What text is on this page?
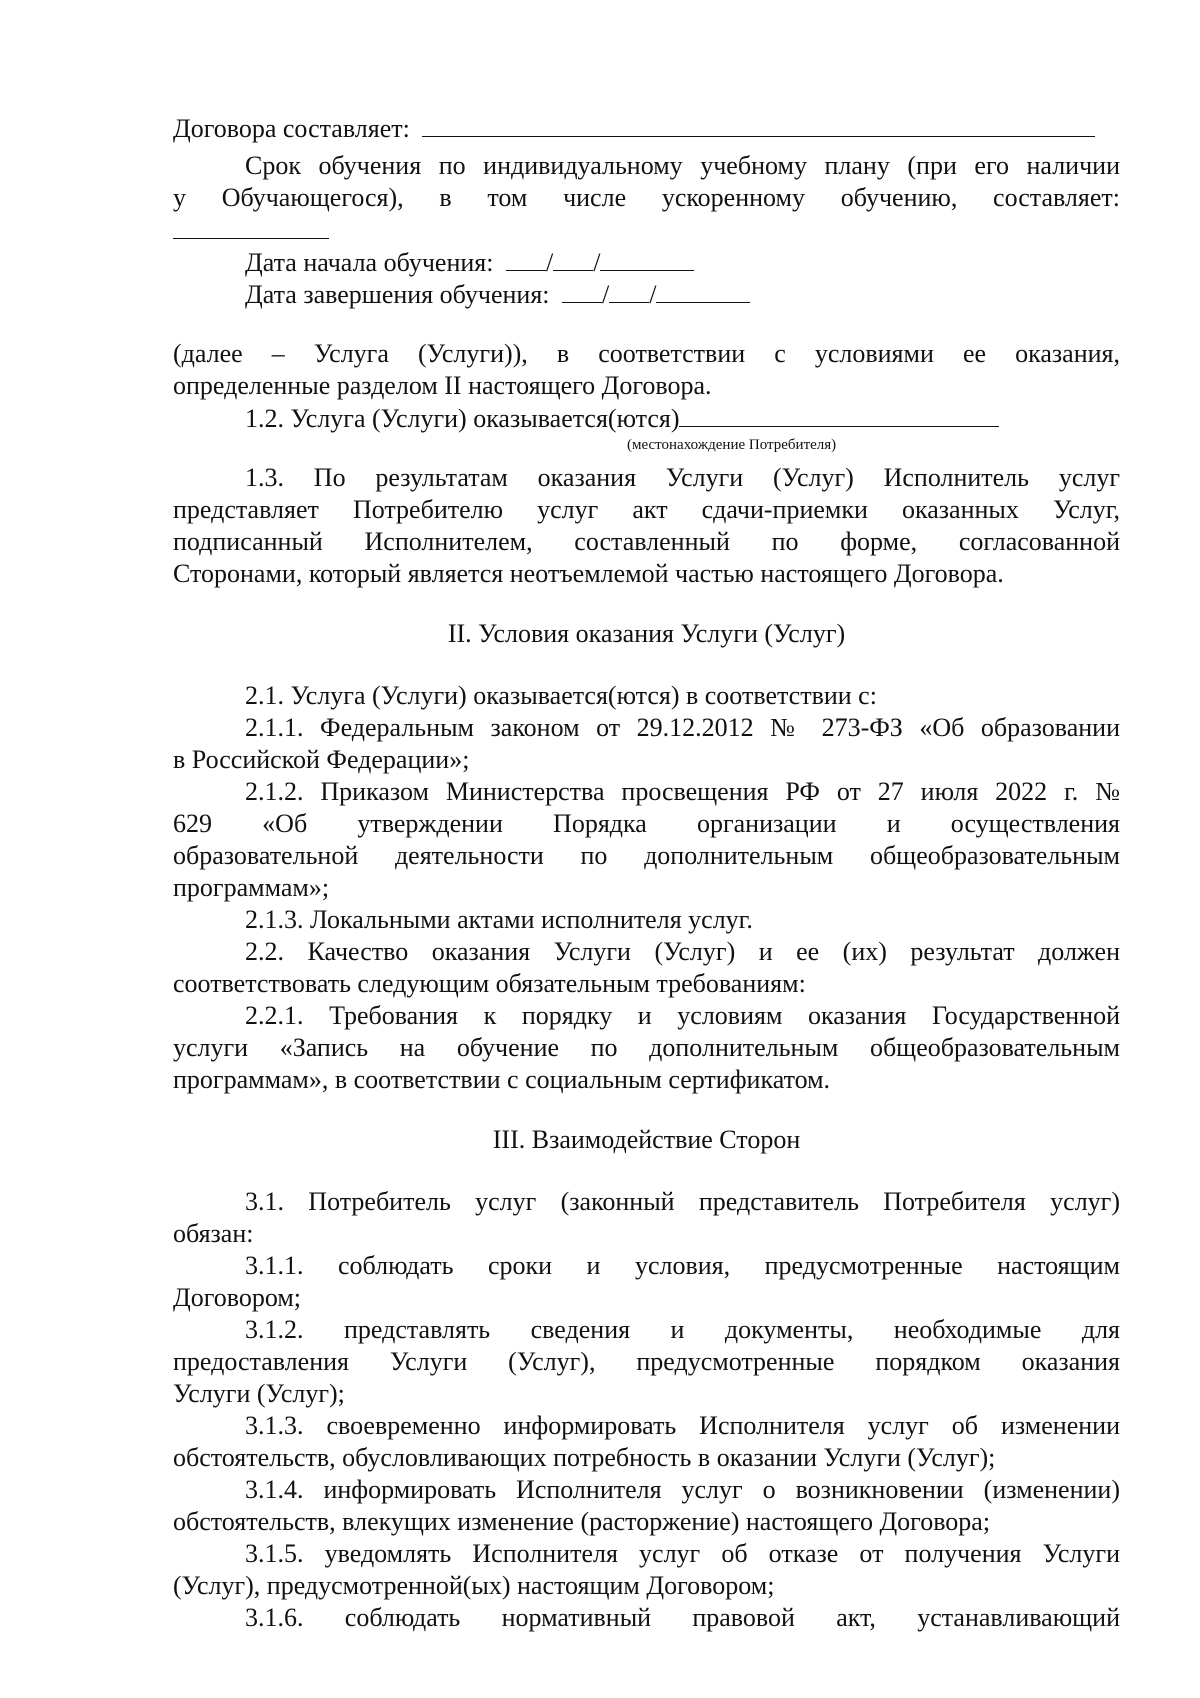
Договора составляет:
Срок обучения по индивидуальному учебному плану (при его наличии
у Обучающегося), в том числе ускоренному обучению, составляет:
Дата начала обучения: / /
Дата завершения обучения: / /
(далее – Услуга (Услуги)), в соответствии с условиями ее оказания,
определенные разделом II настоящего Договора.
1.2. Услуга (Услуги) оказывается(ются)
(местонахождение Потребителя)
1.3. По результатам оказания Услуги (Услуг) Исполнитель услуг
представляет Потребителю услуг акт сдачи-приемки оказанных Услуг,
подписанный Исполнителем, составленный по форме, согласованной
Сторонами, который является неотъемлемой частью настоящего Договора.
II. Условия оказания Услуги (Услуг)
2.1. Услуга (Услуги) оказывается(ются) в соответствии с:
2.1.1. Федеральным законом от 29.12.2012 № 273-ФЗ «Об образовании
в Российской Федерации»;
2.1.2. Приказом Министерства просвещения РФ от 27 июля 2022 г. №
629 «Об утверждении Порядка организации и осуществления
образовательной деятельности по дополнительным общеобразовательным
программам»;
2.1.3. Локальными актами исполнителя услуг.
2.2. Качество оказания Услуги (Услуг) и ее (их) результат должен
соответствовать следующим обязательным требованиям:
2.2.1. Требования к порядку и условиям оказания Государственной
услуги «Запись на обучение по дополнительным общеобразовательным
программам», в соответствии с социальным сертификатом.
III. Взаимодействие Сторон
3.1. Потребитель услуг (законный представитель Потребителя услуг)
обязан:
3.1.1. соблюдать сроки и условия, предусмотренные настоящим
Договором;
3.1.2. представлять сведения и документы, необходимые для
предоставления Услуги (Услуг), предусмотренные порядком оказания
Услуги (Услуг);
3.1.3. своевременно информировать Исполнителя услуг об изменении
обстоятельств, обусловливающих потребность в оказании Услуги (Услуг);
3.1.4. информировать Исполнителя услуг о возникновении (изменении)
обстоятельств, влекущих изменение (расторжение) настоящего Договора;
3.1.5. уведомлять Исполнителя услуг об отказе от получения Услуги
(Услуг), предусмотренной(ых) настоящим Договором;
3.1.6. соблюдать нормативный правовой акт, устанавливающий
